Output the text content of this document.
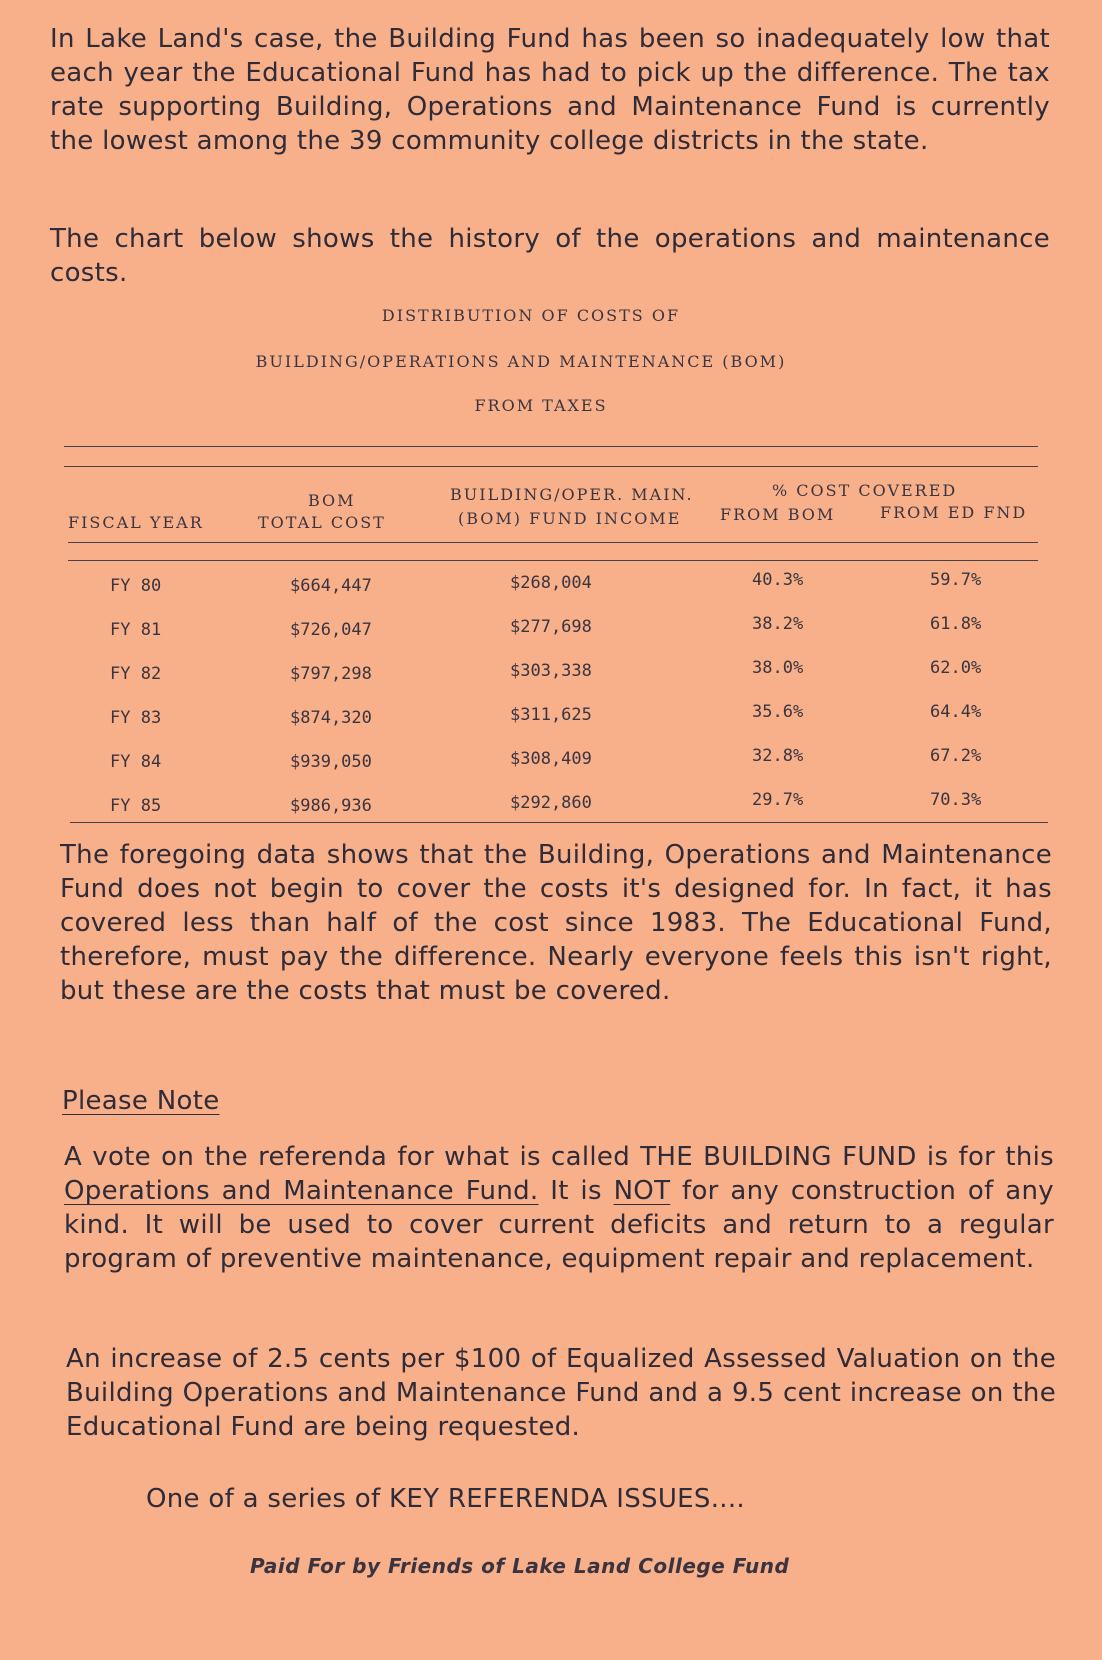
In Lake Land's case, the Building Fund has been so inadequately low that each year the Educational Fund has had to pick up the difference. The tax rate supporting Building, Operations and Maintenance Fund is currently the lowest among the 39 community college districts in the state.

The chart below shows the history of the operations and maintenance costs.

DISTRIBUTION OF COSTS OF
BUILDING/OPERATIONS AND MAINTENANCE (BOM)
FROM TAXES
FISCAL YEAR
BOM
TOTAL COST
BUILDING/OPER. MAIN.
(BOM) FUND INCOME
% COST COVERED
FROM BOM	FROM ED FND
FY 80	$664,447	$268,004	40.3%	59.7%
FY 81	$726,047	$277,698	38.2%	61.8%
FY 82	$797,298	$303,338	38.0%	62.0%
FY 83	$874,320	$311,625	35.6%	64.4%
FY 84	$939,050	$308,409	32.8%	67.2%
FY 85	$986,936	$292,860	29.7%	70.3%

The foregoing data shows that the Building, Operations and Maintenance Fund does not begin to cover the costs it's designed for. In fact, it has covered less than half of the cost since 1983. The Educational Fund, therefore, must pay the difference. Nearly everyone feels this isn't right, but these are the costs that must be covered.

Please Note

A vote on the referenda for what is called THE BUILDING FUND is for this Operations and Maintenance Fund. It is NOT for any construction of any kind. It will be used to cover current deficits and return to a regular program of preventive maintenance, equipment repair and replacement.

An increase of 2.5 cents per $100 of Equalized Assessed Valuation on the Building Operations and Maintenance Fund and a 9.5 cent increase on the Educational Fund are being requested.

One of a series of KEY REFERENDA ISSUES....
Paid For by Friends of Lake Land College Fund
